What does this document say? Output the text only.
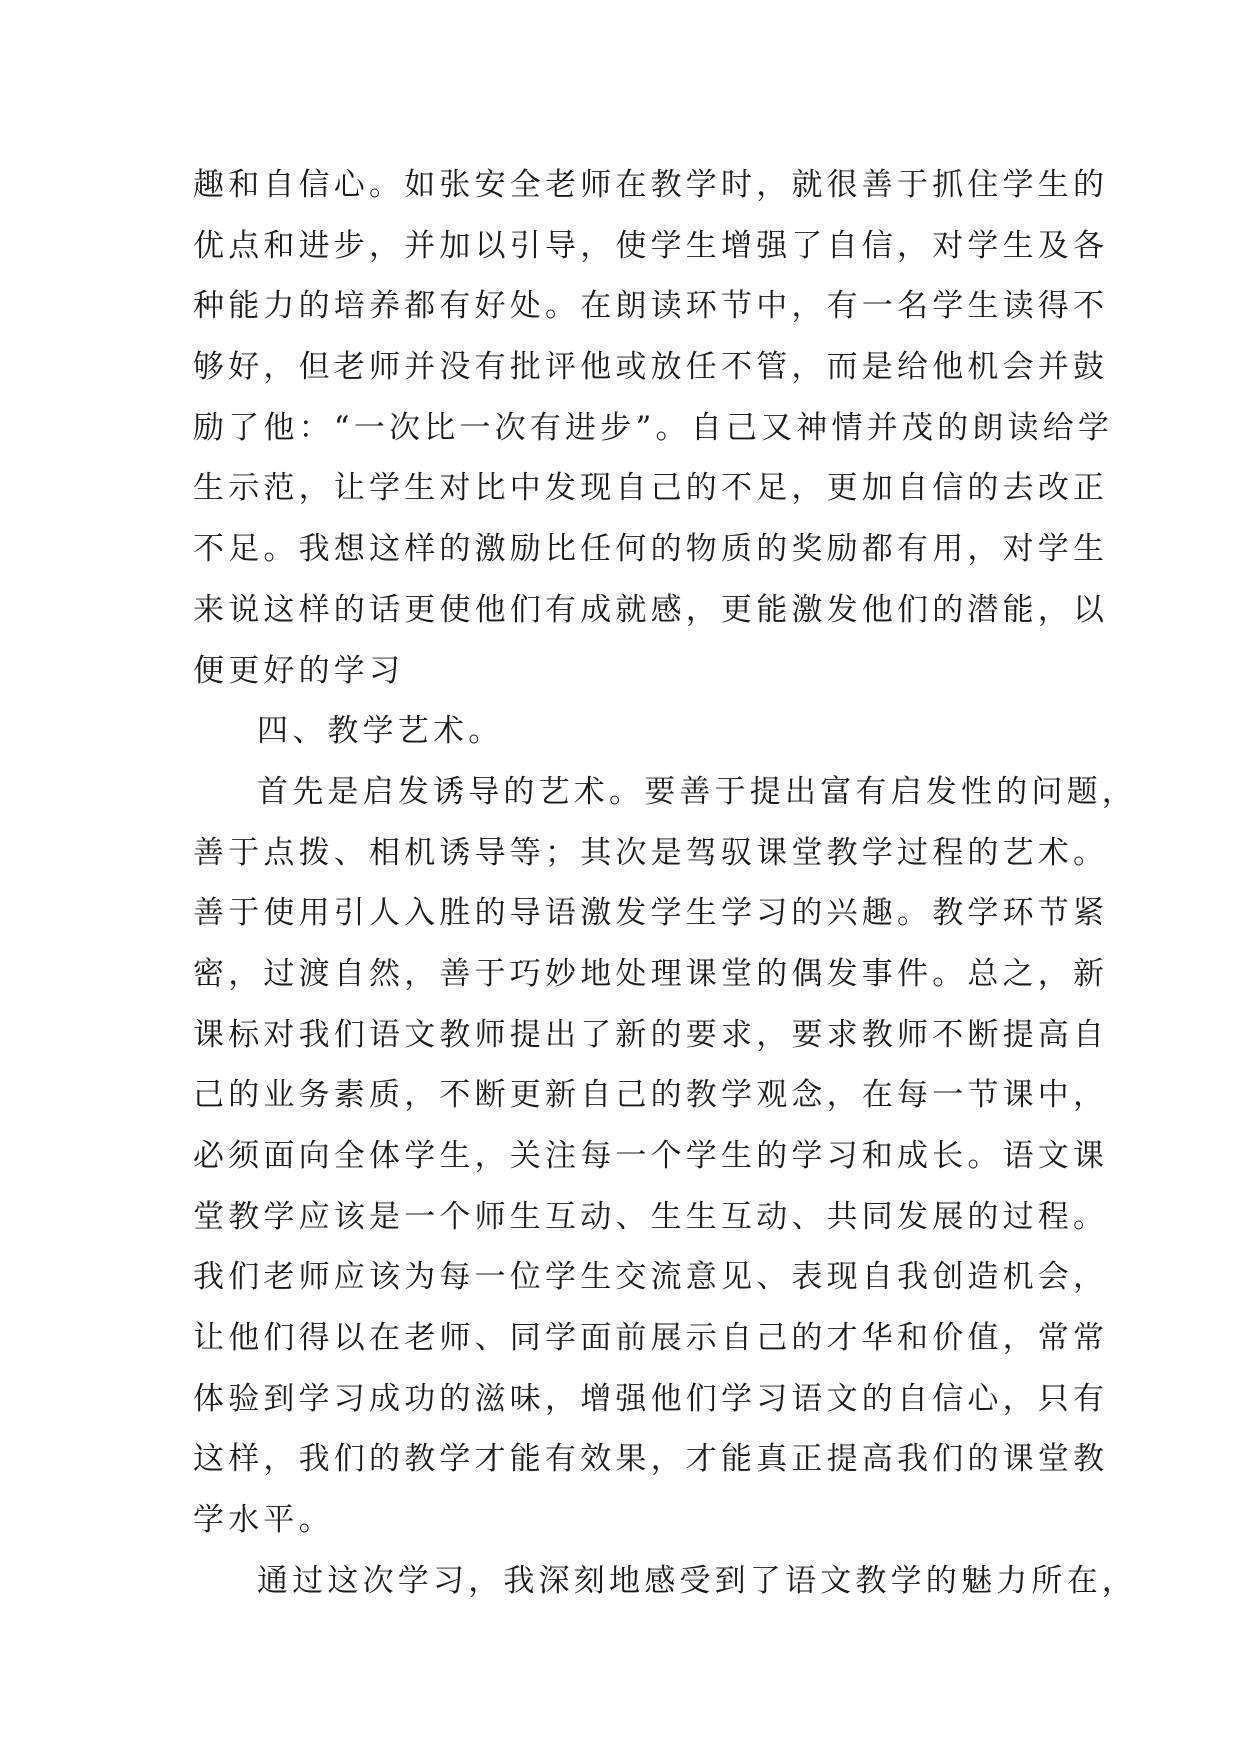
趣和自信心。如张安全老师在教学时，就很善于抓住学生的

优点和进步，并加以引导，使学生增强了自信，对学生及各

种能力的培养都有好处。在朗读环节中，有一名学生读得不

够好，但老师并没有批评他或放任不管，而是给他机会并鼓

励了他：“一次比一次有进步”。自己又神情并茂的朗读给学

生示范，让学生对比中发现自己的不足，更加自信的去改正

不足。我想这样的激励比任何的物质的奖励都有用，对学生

来说这样的话更使他们有成就感，更能激发他们的潜能，以

便更好的学习

四、教学艺术。

首先是启发诱导的艺术。要善于提出富有启发性的问题，

善于点拨、相机诱导等；其次是驾驭课堂教学过程的艺术。

善于使用引人入胜的导语激发学生学习的兴趣。教学环节紧

密，过渡自然，善于巧妙地处理课堂的偶发事件。总之，新

课标对我们语文教师提出了新的要求，要求教师不断提高自

己的业务素质，不断更新自己的教学观念，在每一节课中，

必须面向全体学生，关注每一个学生的学习和成长。语文课

堂教学应该是一个师生互动、生生互动、共同发展的过程。

我们老师应该为每一位学生交流意见、表现自我创造机会，

让他们得以在老师、同学面前展示自己的才华和价值，常常

体验到学习成功的滋味，增强他们学习语文的自信心，只有

这样，我们的教学才能有效果，才能真正提高我们的课堂教

学水平。

通过这次学习，我深刻地感受到了语文教学的魅力所在，
